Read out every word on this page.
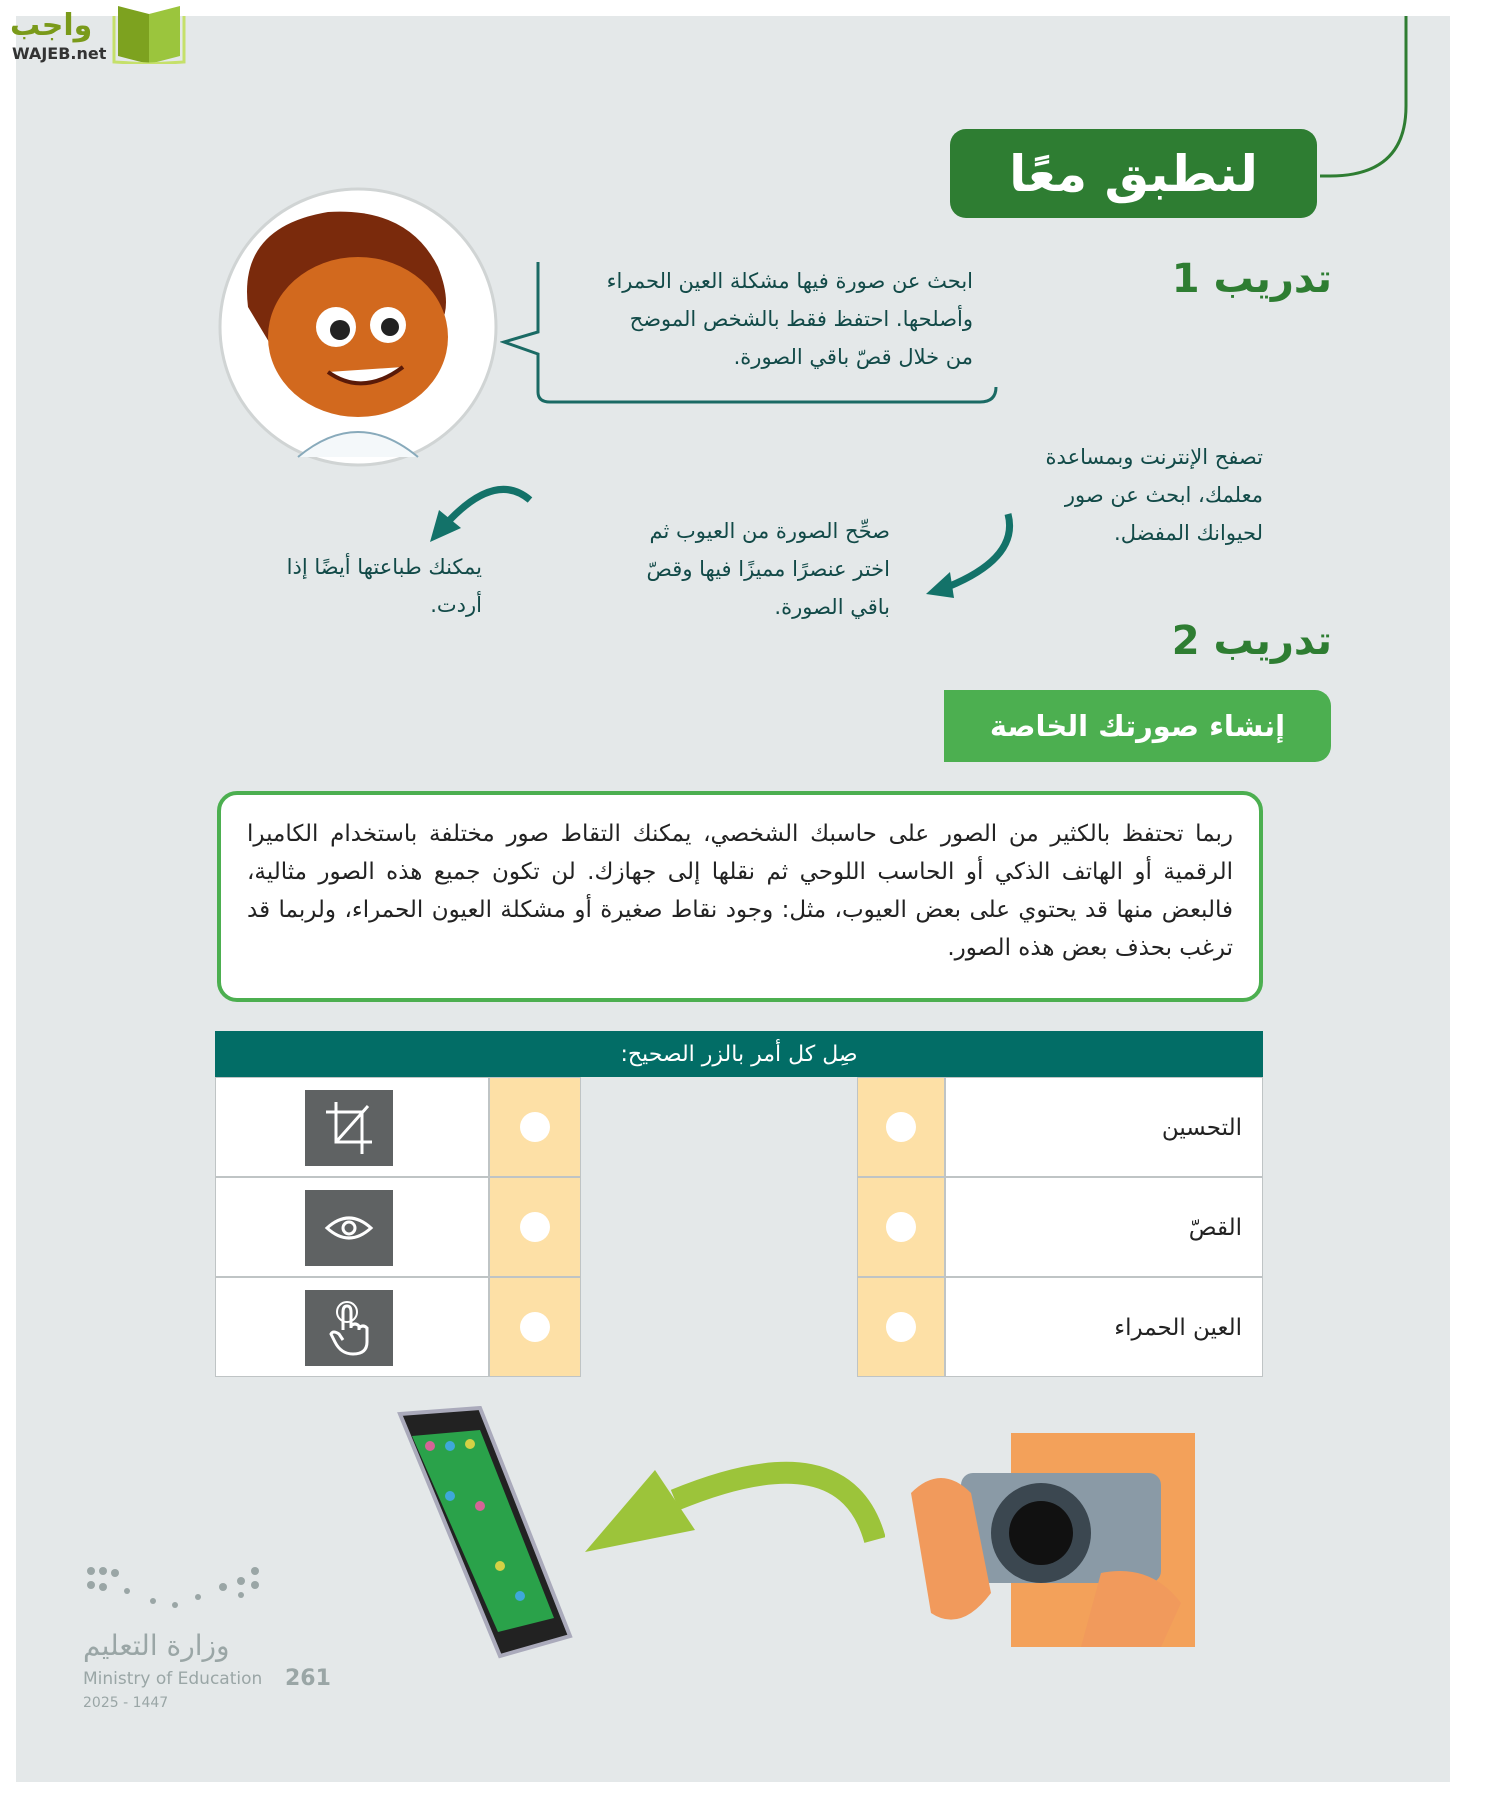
واجب
WAJEB.net
لنطبق معًا
تدريب 1
ابحث عن صورة فيها مشكلة العين الحمراء
وأصلحها. احتفظ فقط بالشخص الموضح
من خلال قصّ باقي الصورة.
تصفح الإنترنت وبمساعدة
معلمك، ابحث عن صور
لحيوانك المفضل.
صحِّح الصورة من العيوب ثم
اختر عنصرًا مميزًا فيها وقصّ
باقي الصورة.
يمكنك طباعتها أيضًا إذا
أردت.
تدريب 2
إنشاء صورتك الخاصة
ربما تحتفظ بالكثير من الصور على حاسبك الشخصي، يمكنك التقاط صور مختلفة باستخدام الكاميرا الرقمية أو الهاتف الذكي أو الحاسب اللوحي ثم نقلها إلى جهازك. لن تكون جميع هذه الصور مثالية، فالبعض منها قد يحتوي على بعض العيوب، مثل: وجود نقاط صغيرة أو مشكلة العيون الحمراء، ولربما قد ترغب بحذف بعض هذه الصور.
صِل كل أمر بالزر الصحيح:
التحسين
القصّ
العين الحمراء
وزارة التعليم
Ministry of Education
2025 - 1447
261
